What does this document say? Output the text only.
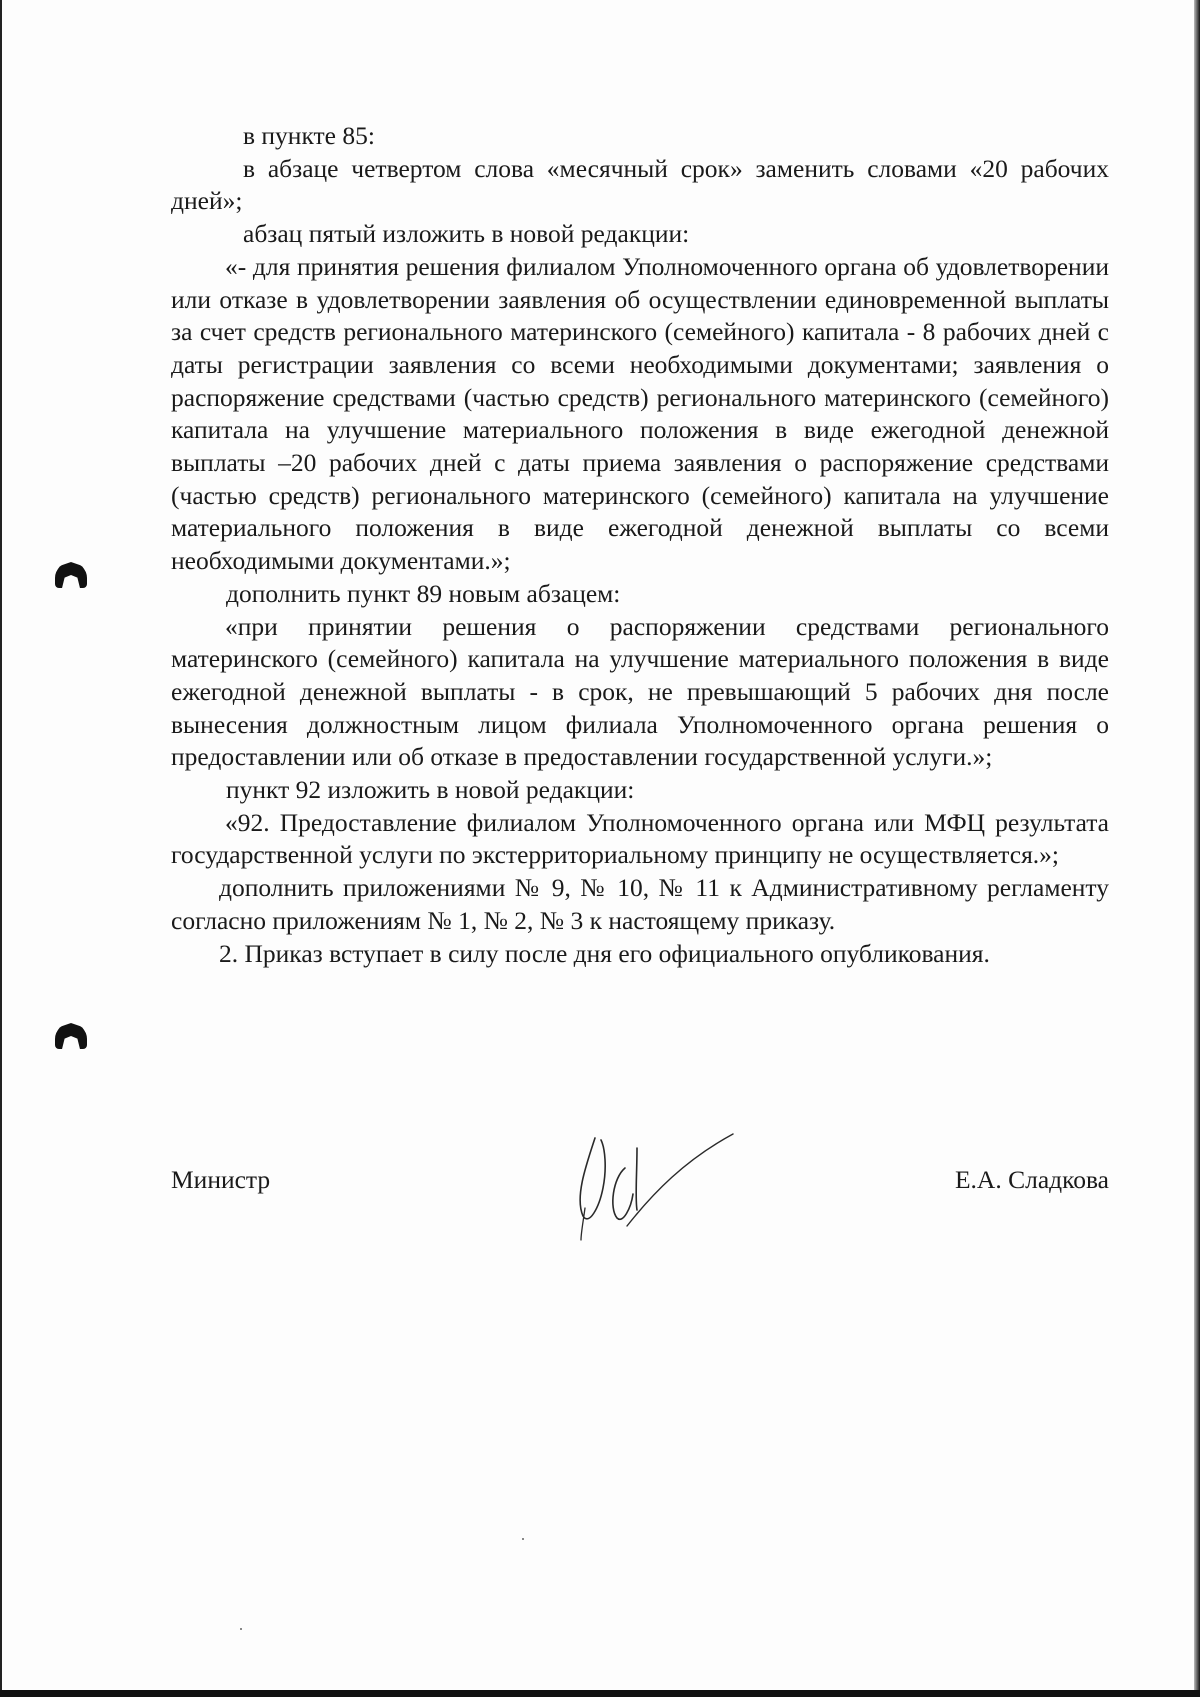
в пункте 85:

в абзаце четвертом слова «месячный срок» заменить словами «20 рабочих дней»;

абзац пятый изложить в новой редакции:

«- для принятия решения филиалом Уполномоченного органа об удовлетворении или отказе в удовлетворении заявления об осуществлении единовременной выплаты за счет средств регионального материнского (семейного) капитала - 8 рабочих дней с даты регистрации заявления со всеми необходимыми документами; заявления о распоряжение средствами (частью средств) регионального материнского (семейного) капитала на улучшение материального положения в виде ежегодной денежной выплаты –20 рабочих дней с даты приема заявления о распоряжение средствами (частью средств) регионального материнского (семейного) капитала на улучшение материального положения в виде ежегодной денежной выплаты со всеми необходимыми документами.»;

дополнить пункт 89 новым абзацем:

«при принятии решения о распоряжении средствами регионального материнского (семейного) капитала на улучшение материального положения в виде ежегодной денежной выплаты - в срок, не превышающий 5 рабочих дня после вынесения должностным лицом филиала Уполномоченного органа решения о предоставлении или об отказе в предоставлении государственной услуги.»;

пункт 92 изложить в новой редакции:

«92. Предоставление филиалом Уполномоченного органа или МФЦ результата государственной услуги по экстерриториальному принципу не осуществляется.»;

дополнить приложениями № 9, № 10, № 11 к Административному регламенту согласно приложениям № 1, № 2, № 3 к настоящему приказу.

2. Приказ вступает в силу после дня его официального опубликования.

Министр	Е.А. Сладкова
